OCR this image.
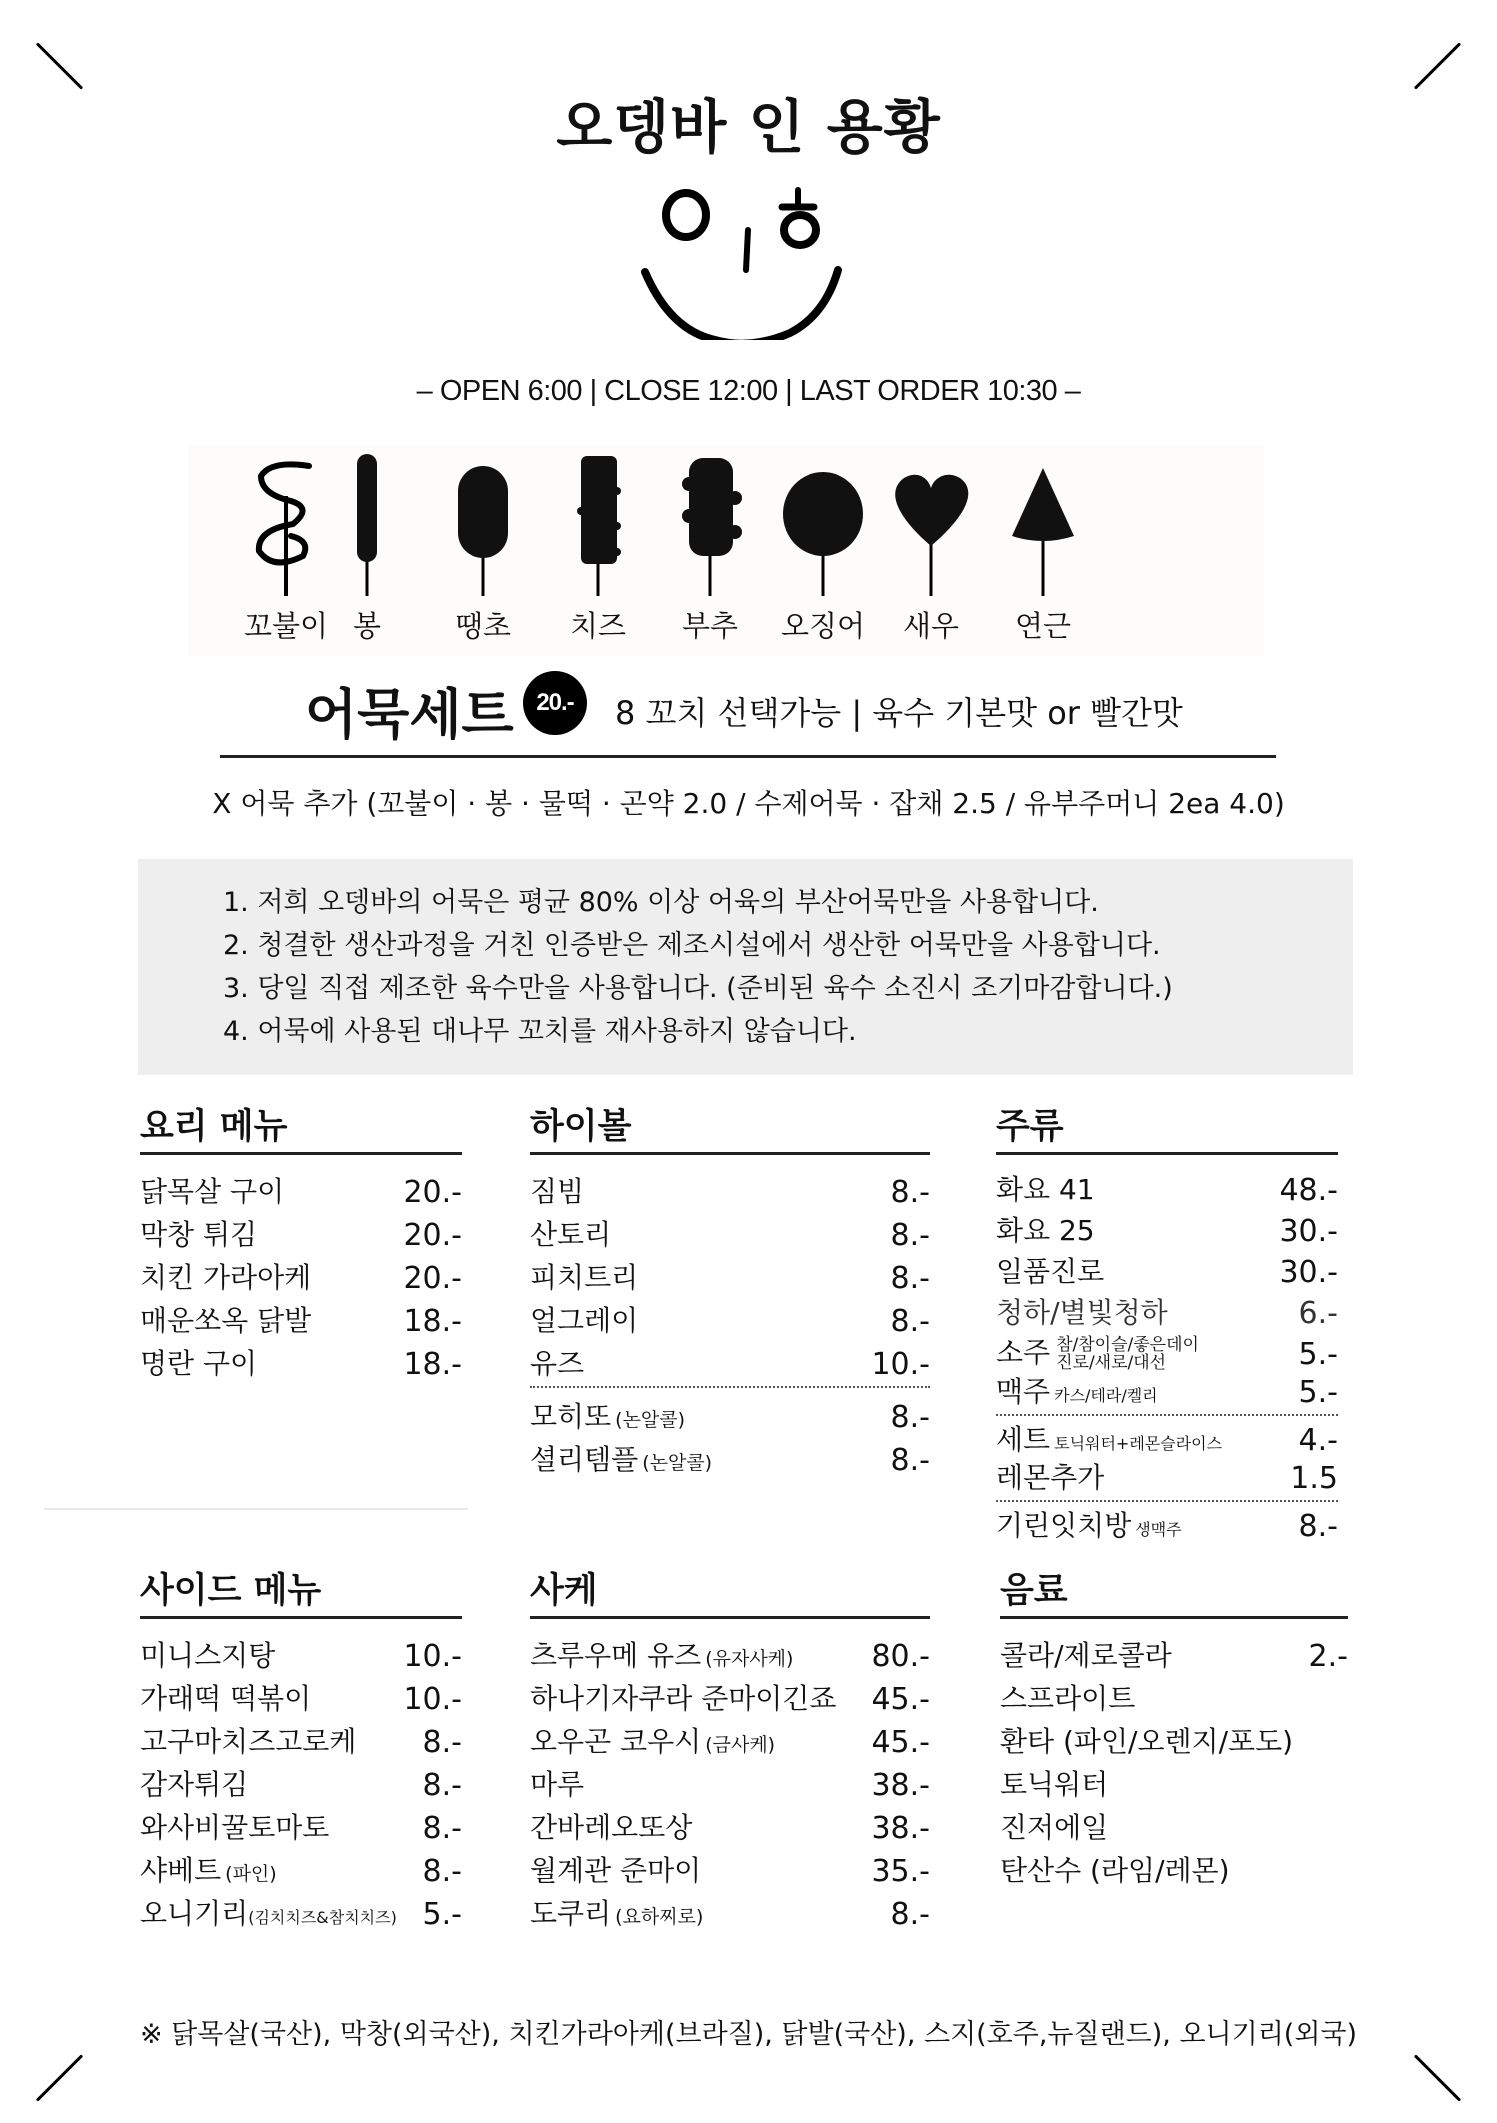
오뎅바 인 용황
– OPEN 6:00 | CLOSE 12:00 | LAST ORDER 10:30 –
꼬불이 봉	땡초	치즈	부추	오징어	새우	연근
어묵세트 20.-	8 꼬치 선택가능 | 육수 기본맛 or 빨간맛
X 어묵 추가 (꼬불이 · 봉 · 물떡 · 곤약 2.0 / 수제어묵 · 잡채 2.5 / 유부주머니 2ea 4.0)
1. 저희 오뎅바의 어묵은 평균 80% 이상 어육의 부산어묵만을 사용합니다.
2. 청결한 생산과정을 거친 인증받은 제조시설에서 생산한 어묵만을 사용합니다.
3. 당일 직접 제조한 육수만을 사용합니다. (준비된 육수 소진시 조기마감합니다.)
4. 어묵에 사용된 대나무 꼬치를 재사용하지 않습니다.
요리 메뉴
닭목살 구이	20.-
막창 튀김	20.-
치킨 가라아케	20.-
매운쏘옥 닭발	18.-
명란 구이	18.-
하이볼
짐빔	8.-
산토리	8.-
피치트리	8.-
얼그레이	8.-
유즈	10.-
모히또 (논알콜)	8.-
셜리템플 (논알콜)	8.-
주류
화요 41	48.-
화요 25	30.-
일품진로	30.-
청하/별빛청하	6.-
소주 참/참이슬/좋은데이
진로/새로/대선	5.-
맥주 카스/테라/켈리	5.-
세트 토닉워터+레몬슬라이스	4.-
레몬추가	1.5
기린잇치방 생맥주	8.-
사이드 메뉴
미니스지탕	10.-
가래떡 떡볶이	10.-
고구마치즈고로케 8.-
감자튀김	8.-
와사비꿀토마토	8.-
샤베트 (파인)	8.-
오니기리(김치치즈&참치치즈) 5.-
사케
츠루우메 유즈 (유자사케)	80.-
하나기자쿠라 준마이긴죠 45.-
오우곤 코우시 (금사케)	45.-
마루	38.-
간바레오또상	38.-
월계관 준마이	35.-
도쿠리 (요하찌로)	8.-
음료
콜라/제로콜라	2.-
스프라이트
환타 (파인/오렌지/포도)
토닉워터
진저에일
탄산수 (라임/레몬)
※ 닭목살(국산), 막창(외국산), 치킨가라아케(브라질), 닭발(국산), 스지(호주,뉴질랜드), 오니기리(외국)
